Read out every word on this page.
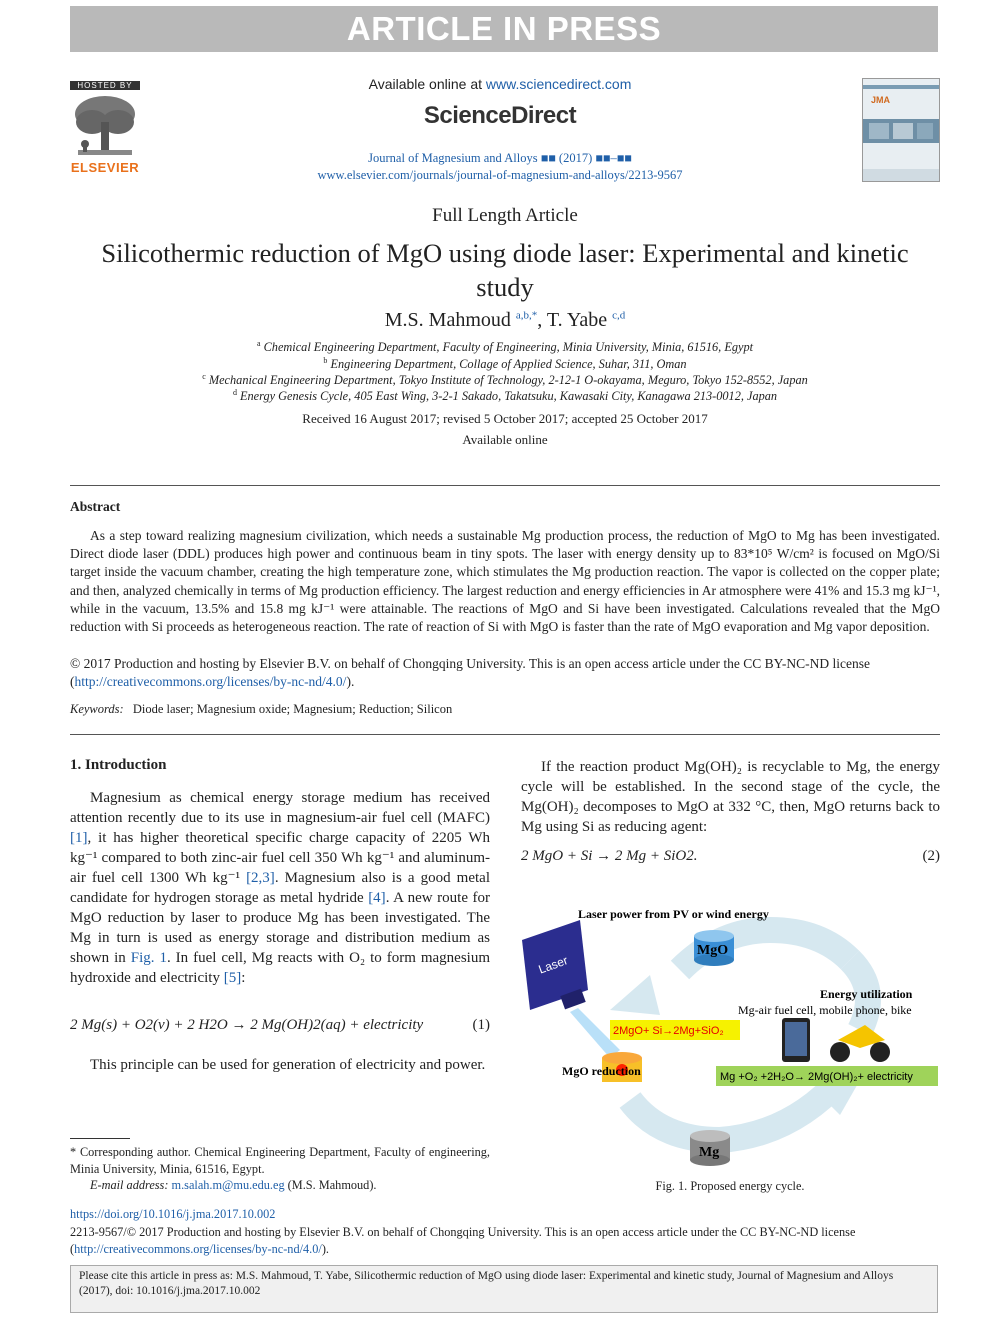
ARTICLE IN PRESS
HOSTED BY
ELSEVIER
Available online at www.sciencedirect.com
ScienceDirect
Journal of Magnesium and Alloys ■■ (2017) ■■–■■
www.elsevier.com/journals/journal-of-magnesium-and-alloys/2213-9567
JMA
Full Length Article
Silicothermic reduction of MgO using diode laser: Experimental and kinetic study
M.S. Mahmoud $^{a,b,*}$, T. Yabe $^{c,d}$
$^a$ Chemical Engineering Department, Faculty of Engineering, Minia University, Minia, 61516, Egypt
$^b$ Engineering Department, Collage of Applied Science, Suhar, 311, Oman
$^c$ Mechanical Engineering Department, Tokyo Institute of Technology, 2-12-1 O-okayama, Meguro, Tokyo 152-8552, Japan
$^d$ Energy Genesis Cycle, 405 East Wing, 3-2-1 Sakado, Takatsuku, Kawasaki City, Kanagawa 213-0012, Japan
Received 16 August 2017; revised 5 October 2017; accepted 25 October 2017
Available online
Abstract
As a step toward realizing magnesium civilization, which needs a sustainable Mg production process, the reduction of MgO to Mg has been investigated. Direct diode laser (DDL) produces high power and continuous beam in tiny spots. The laser with energy density up to 83*10⁵ W/cm² is focused on MgO/Si target inside the vacuum chamber, creating the high temperature zone, which stimulates the Mg production reaction. The vapor is collected on the copper plate; and then, analyzed chemically in terms of Mg production efficiency. The largest reduction and energy efficiencies in Ar atmosphere were 41% and 15.3 mg kJ⁻¹, while in the vacuum, 13.5% and 15.8 mg kJ⁻¹ were attainable. The reactions of MgO and Si have been investigated. Calculations revealed that the MgO reduction with Si proceeds as heterogeneous reaction. The rate of reaction of Si with MgO is faster than the rate of MgO evaporation and Mg vapor deposition.
© 2017 Production and hosting by Elsevier B.V. on behalf of Chongqing University. This is an open access article under the CC BY-NC-ND license
(http://creativecommons.org/licenses/by-nc-nd/4.0/).
Keywords: Diode laser; Magnesium oxide; Magnesium; Reduction; Silicon
1. Introduction
Magnesium as chemical energy storage medium has received attention recently due to its use in magnesium-air fuel cell (MAFC) [1], it has higher theoretical specific charge capacity of 2205 Wh kg⁻¹ compared to both zinc-air fuel cell 350 Wh kg⁻¹ and aluminum-air fuel cell 1300 Wh kg⁻¹ [2,3]. Magnesium also is a good metal candidate for hydrogen storage as metal hydride [4]. A new route for MgO reduction by laser to produce Mg has been investigated. The Mg in turn is used as energy storage and distribution medium as shown in Fig. 1. In fuel cell, Mg reacts with O₂ to form magnesium hydroxide and electricity [5]:
2 Mg(s) + O2(v) + 2 H2O → 2 Mg(OH)2(aq) + electricity	(1)
This principle can be used for generation of electricity and power.
If the reaction product Mg(OH)₂ is recyclable to Mg, the energy cycle will be established. In the second stage of the cycle, the Mg(OH)₂ decomposes to MgO at 332 °C, then, MgO returns back to Mg using Si as reducing agent:
2 MgO + Si → 2 Mg + SiO2.	(2)
Laser
Laser power from PV or wind energy
MgO
2MgO+ Si→2Mg+SiO₂
MgO reduction
Energy utilization
Mg-air fuel cell, mobile phone, bike
Mg +O₂ +2H₂O→ 2Mg(OH)₂+ electricity
Mg
Fig. 1. Proposed energy cycle.
* Corresponding author. Chemical Engineering Department, Faculty of engineering, Minia University, Minia, 61516, Egypt.
E-mail address: m.salah.m@mu.edu.eg (M.S. Mahmoud).
https://doi.org/10.1016/j.jma.2017.10.002
2213-9567/© 2017 Production and hosting by Elsevier B.V. on behalf of Chongqing University. This is an open access article under the CC BY-NC-ND license
(http://creativecommons.org/licenses/by-nc-nd/4.0/).
Please cite this article in press as: M.S. Mahmoud, T. Yabe, Silicothermic reduction of MgO using diode laser: Experimental and kinetic study, Journal of Magnesium and Alloys (2017), doi: 10.1016/j.jma.2017.10.002
